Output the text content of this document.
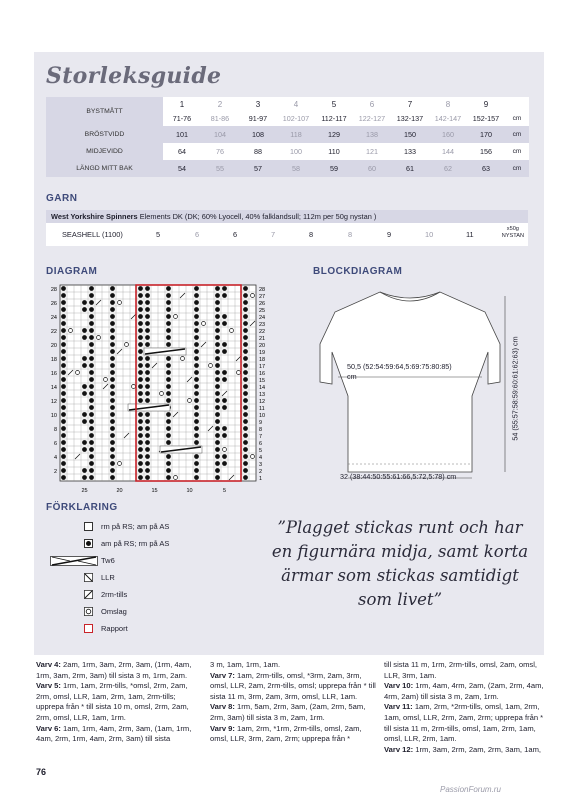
Storleksguide
BYSTMÅTT	1	2	3	4	5	6	7	8	9	
	71-76	81-86	91-97	102-107	112-117	122-127	132-137	142-147	152-157	cm
BRÖSTVIDD	101	104	108	118	129	138	150	160	170	cm
MIDJEVIDD	64	76	88	100	110	121	133	144	156	cm
LÄNGD MITT BAK	54	55	57	58	59	60	61	62	63	cm
GARN
West Yorkshire Spinners Elements DK (DK; 60% Lyocell, 40% falklandsull; 112m per 50g nystan )
SEASHELL (1100)	5	6	6	7	8	8	9	10	11
x50g
NYSTAN
DIAGRAM
28
26
24
22
20
18
16
14
12
10
8
6
4
2
28
27
26
25
24
23
22
21
20
19
18
17
16
15
14
13
12
11
10
9
8
7
6
5
4
3
2
1
25	20	15	10	5
BLOCKDIAGRAM
50,5 (52:54:59:64,5:69:75:80:85) cm	54 (55:57:58:59:60:61:62:63) cm
32 (38:44:50:55:61:66,5:72,5:78) cm
FÖRKLARING
rm på RS; am på AS
am på RS; rm på AS
Tw6
LLR
2rm-tills
Omslag
Rapport
”Plagget stickas runt och har en figurnära midja, samt korta ärmar som stickas samtidigt som livet”

Varv 4: 2am, 1rm, 3am, 2rm, 3am, (1rm, 4am, 1rm, 3am, 2rm, 3am) till sista 3 m, 1rm, 2am.

Varv 5: 1rm, 1am, 2rm-tills, *omsl, 2rm, 2am, 2rm, omsl, LLR, 1am, 2rm, 1am, 2rm-tills; upprepa från * till sista 10 m, omsl, 2rm, 2am, 2rm, omsl, LLR, 1am, 1rm.

Varv 6: 1am, 1rm, 4am, 2rm, 3am, (1am, 1rm, 4am, 2rm, 1rm, 4am, 2rm, 3am) till sista

3 m, 1am, 1rm, 1am.

Varv 7: 1am, 2rm-tills, omsl, *3rm, 2am, 3rm, omsl, LLR, 2am, 2rm-tills, omsl; upprepa från * till sista 11 m, 3rm, 2am, 3rm, omsl, LLR, 1am.

Varv 8: 1rm, 5am, 2rm, 3am, (2am, 2rm, 5am, 2rm, 3am) till sista 3 m, 2am, 1rm.

Varv 9: 1am, 2rm, *1rm, 2rm-tills, omsl, 2am, omsl, LLR, 3rm, 2am, 2rm; upprepa från *

till sista 11 m, 1rm, 2rm-tills, omsl, 2am, omsl, LLR, 3rm, 1am.

Varv 10: 1rm, 4am, 4rm, 2am, (2am, 2rm, 4am, 4rm, 2am) till sista 3 m, 2am, 1rm.

Varv 11: 1am, 2rm, *2rm-tills, omsl, 1am, 2rm, 1am, omsl, LLR, 2rm, 2am, 2rm; upprepa från * till sista 11 m, 2rm-tills, omsl, 1am, 2rm, 1am, omsl, LLR, 2rm, 1am.

Varv 12: 1rm, 3am, 2rm, 2am, 2rm, 3am, 1am,

76
PassionForum.ru
